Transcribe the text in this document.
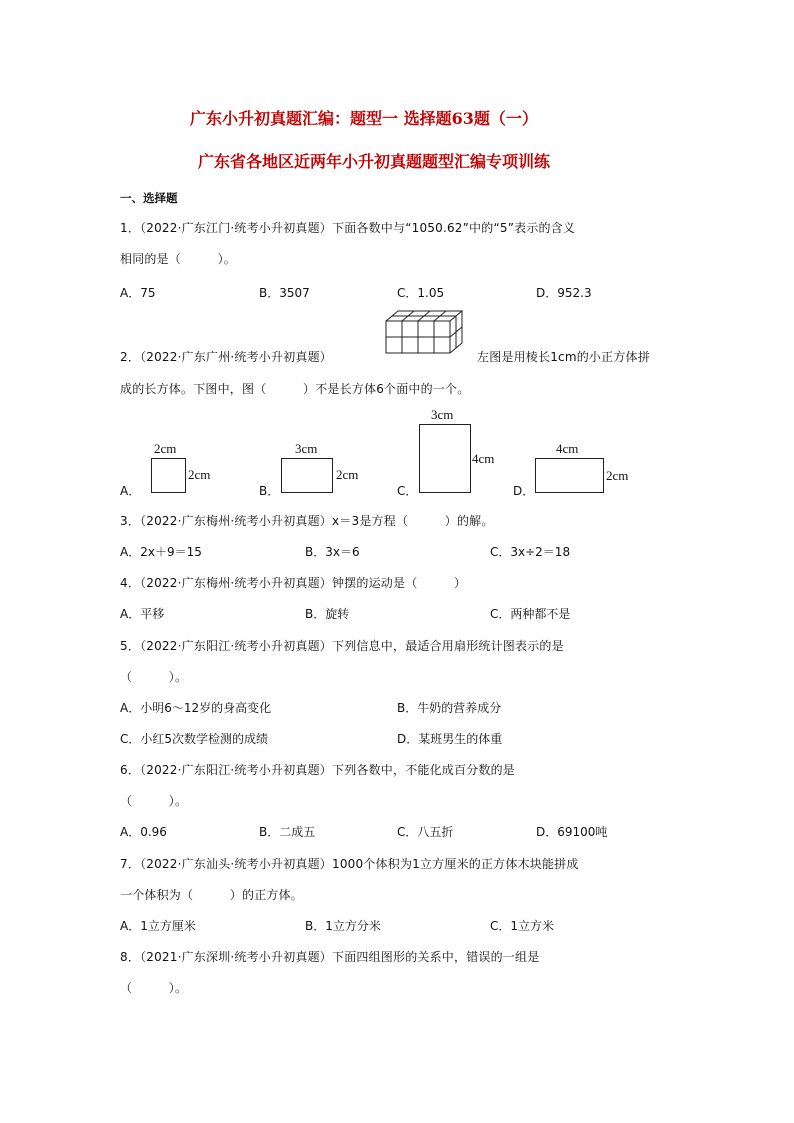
广东小升初真题汇编：题型一 选择题63题（一）
广东省各地区近两年小升初真题题型汇编专项训练
一、选择题
1．（2022·广东江门·统考小升初真题）下面各数中与“1050.62”中的“5”表示的含义
相同的是（　　　）。
A．75	B．3507	C．1.05	D．952.3
2．（2022·广东广州·统考小升初真题）	左图是用棱长1cm的小正方体拼
成的长方体。下图中，图（　　　）不是长方体6个面中的一个。
A．
2cm
2cm
B．
3cm
2cm
C．
3cm
4cm
D．
4cm
2cm
3．（2022·广东梅州·统考小升初真题）x＝3是方程（　　　）的解。
A．2x＋9＝15	B．3x＝6	C．3x÷2＝18
4．（2022·广东梅州·统考小升初真题）钟摆的运动是（　　　）
A．平移	B．旋转	C．两种都不是
5．（2022·广东阳江·统考小升初真题）下列信息中，最适合用扇形统计图表示的是
（　　　）。
A．小明6～12岁的身高变化	B．牛奶的营养成分
C．小红5次数学检测的成绩	D．某班男生的体重
6．（2022·广东阳江·统考小升初真题）下列各数中，不能化成百分数的是
（　　　）。
A．0.96	B．二成五	C．八五折	D．69100吨
7．（2022·广东汕头·统考小升初真题）1000个体积为1立方厘米的正方体木块能拼成
一个体积为（　　　）的正方体。
A．1立方厘米	B．1立方分米	C．1立方米
8．（2021·广东深圳·统考小升初真题）下面四组图形的关系中，错误的一组是
（　　　）。
